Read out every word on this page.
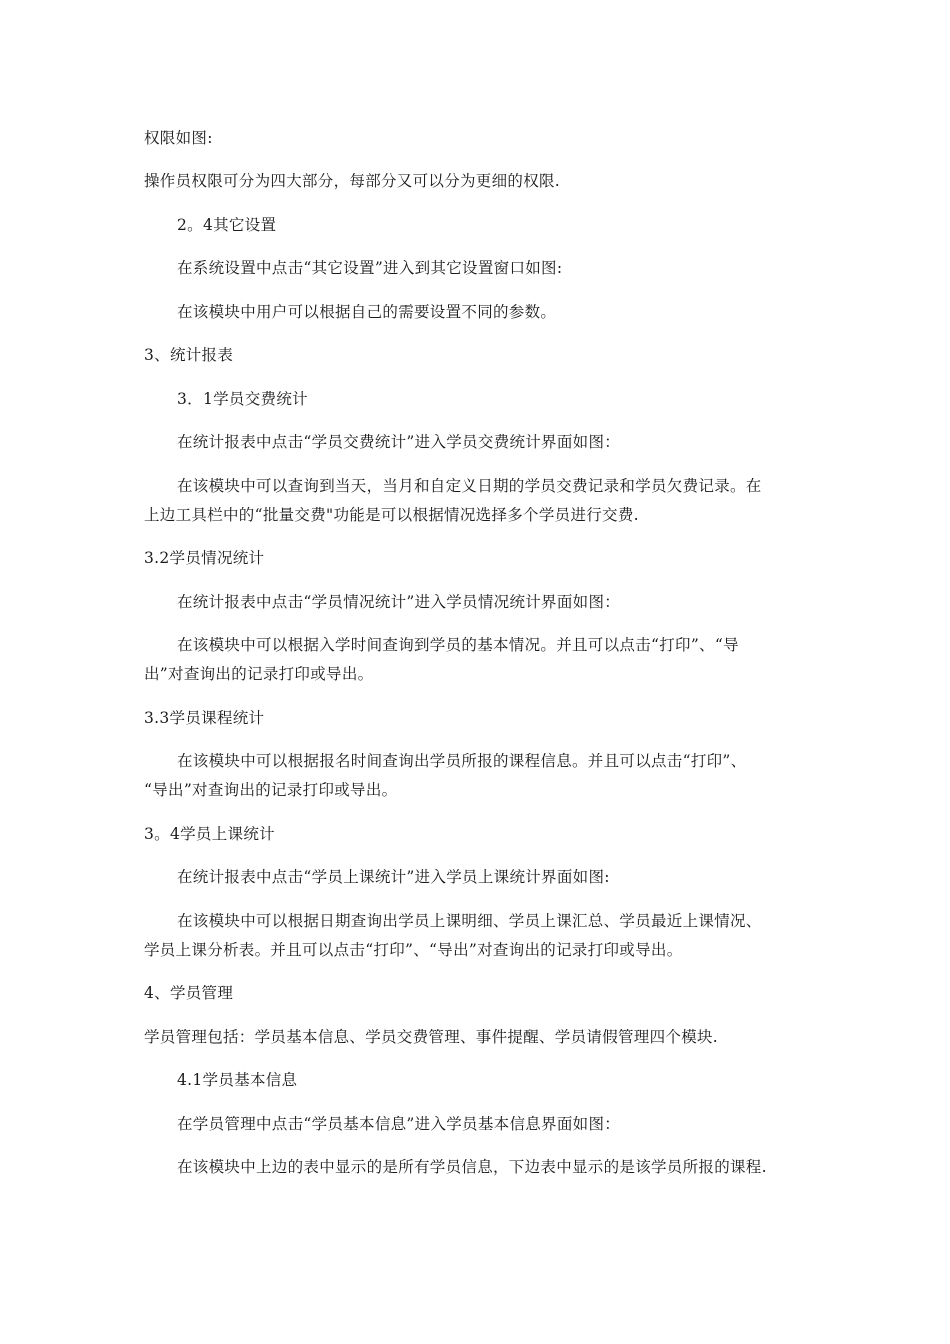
权限如图:
操作员权限可分为四大部分，每部分又可以分为更细的权限.
2。4其它设置
在系统设置中点击“其它设置”进入到其它设置窗口如图:
在该模块中用户可以根据自己的需要设置不同的参数。
3、统计报表
3．1学员交费统计
在统计报表中点击“学员交费统计”进入学员交费统计界面如图：
在该模块中可以查询到当天，当月和自定义日期的学员交费记录和学员欠费记录。在
上边工具栏中的“批量交费"功能是可以根据情况选择多个学员进行交费.
3.2学员情况统计
在统计报表中点击“学员情况统计”进入学员情况统计界面如图：
在该模块中可以根据入学时间查询到学员的基本情况。并且可以点击“打印”、“导
出”对查询出的记录打印或导出。
3.3学员课程统计
在该模块中可以根据报名时间查询出学员所报的课程信息。并且可以点击“打印”、
“导出”对查询出的记录打印或导出。
3。4学员上课统计
在统计报表中点击“学员上课统计”进入学员上课统计界面如图:
在该模块中可以根据日期查询出学员上课明细、学员上课汇总、学员最近上课情况、
学员上课分析表。并且可以点击“打印”、“导出”对查询出的记录打印或导出。
4、学员管理
学员管理包括：学员基本信息、学员交费管理、事件提醒、学员请假管理四个模块.
4.1学员基本信息
在学员管理中点击“学员基本信息”进入学员基本信息界面如图：
在该模块中上边的表中显示的是所有学员信息，下边表中显示的是该学员所报的课程.
